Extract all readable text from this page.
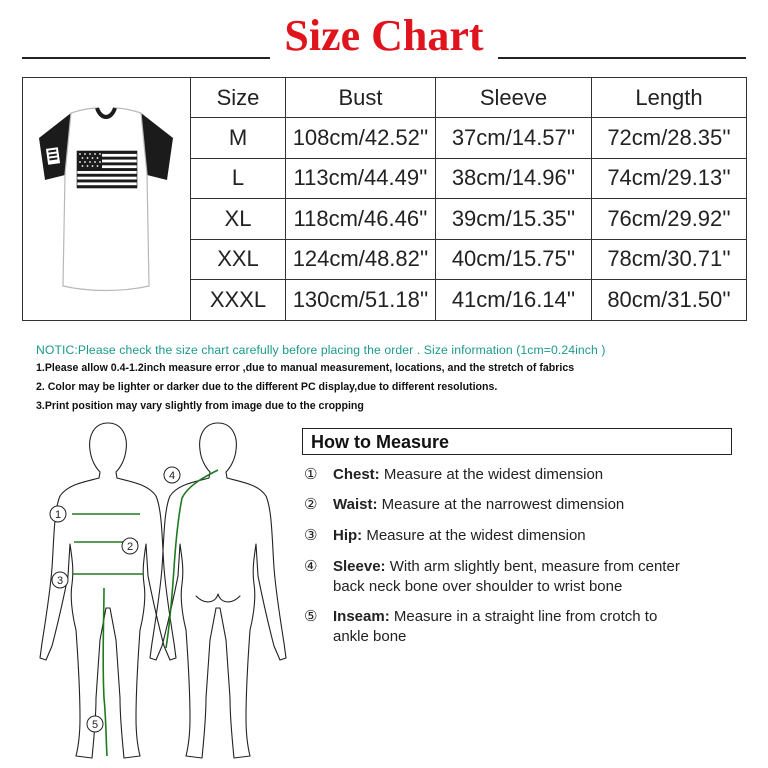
Size Chart
	Size	Bust	Sleeve	Length
	M	108cm/42.52''	37cm/14.57''	72cm/28.35''
	L	113cm/44.49''	38cm/14.96''	74cm/29.13''
	XL	118cm/46.46''	39cm/15.35''	76cm/29.92''
	XXL	124cm/48.82''	40cm/15.75''	78cm/30.71''
	XXXL	130cm/51.18''	41cm/16.14''	80cm/31.50''
NOTIC:Please check the size chart carefully before placing the order . Size information (1cm=0.24inch )
1.Please allow 0.4-1.2inch measure error ,due to manual measurement, locations, and the stretch of fabrics
2. Color may be lighter or darker due to the different PC display,due to different resolutions.
3.Print position may vary slightly from image due to the cropping
1
2
3
4
5
How to Measure
①	Chest: Measure at the widest dimension
②	Waist: Measure at the narrowest dimension
③	Hip: Measure at the widest dimension
④	Sleeve: With arm slightly bent, measure from center back neck bone over shoulder to wrist bone
⑤	Inseam: Measure in a straight line from crotch to ankle bone
